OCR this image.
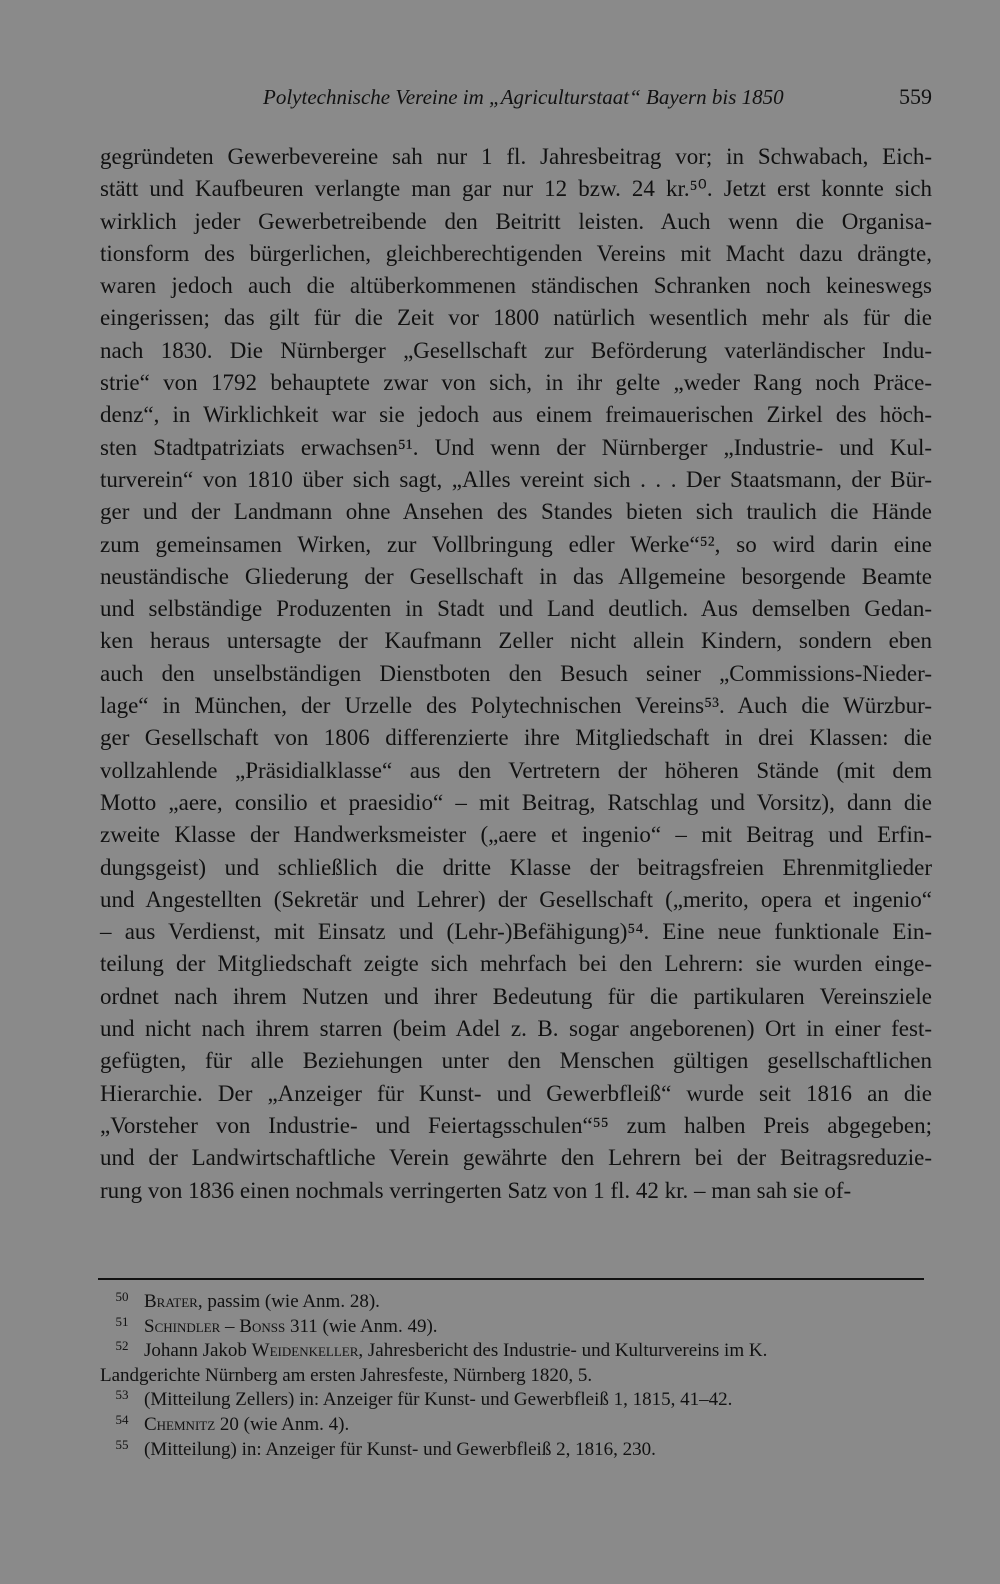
Polytechnische Vereine im „Agriculturstaat“ Bayern bis 1850	559
gegründeten Gewerbevereine sah nur 1 fl. Jahresbeitrag vor; in Schwabach, Eich-
stätt und Kaufbeuren verlangte man gar nur 12 bzw. 24 kr.⁵⁰. Jetzt erst konnte sich
wirklich jeder Gewerbetreibende den Beitritt leisten. Auch wenn die Organisa-
tionsform des bürgerlichen, gleichberechtigenden Vereins mit Macht dazu drängte,
waren jedoch auch die altüberkommenen ständischen Schranken noch keineswegs
eingerissen; das gilt für die Zeit vor 1800 natürlich wesentlich mehr als für die
nach 1830. Die Nürnberger „Gesellschaft zur Beförderung vaterländischer Indu-
strie“ von 1792 behauptete zwar von sich, in ihr gelte „weder Rang noch Präce-
denz“, in Wirklichkeit war sie jedoch aus einem freimauerischen Zirkel des höch-
sten Stadtpatriziats erwachsen⁵¹. Und wenn der Nürnberger „Industrie- und Kul-
turverein“ von 1810 über sich sagt, „Alles vereint sich . . . Der Staatsmann, der Bür-
ger und der Landmann ohne Ansehen des Standes bieten sich traulich die Hände
zum gemeinsamen Wirken, zur Vollbringung edler Werke“⁵², so wird darin eine
neuständische Gliederung der Gesellschaft in das Allgemeine besorgende Beamte
und selbständige Produzenten in Stadt und Land deutlich. Aus demselben Gedan-
ken heraus untersagte der Kaufmann Zeller nicht allein Kindern, sondern eben
auch den unselbständigen Dienstboten den Besuch seiner „Commissions-Nieder-
lage“ in München, der Urzelle des Polytechnischen Vereins⁵³. Auch die Würzbur-
ger Gesellschaft von 1806 differenzierte ihre Mitgliedschaft in drei Klassen: die
vollzahlende „Präsidialklasse“ aus den Vertretern der höheren Stände (mit dem
Motto „aere, consilio et praesidio“ – mit Beitrag, Ratschlag und Vorsitz), dann die
zweite Klasse der Handwerksmeister („aere et ingenio“ – mit Beitrag und Erfin-
dungsgeist) und schließlich die dritte Klasse der beitragsfreien Ehrenmitglieder
und Angestellten (Sekretär und Lehrer) der Gesellschaft („merito, opera et ingenio“
– aus Verdienst, mit Einsatz und (Lehr-)Befähigung)⁵⁴. Eine neue funktionale Ein-
teilung der Mitgliedschaft zeigte sich mehrfach bei den Lehrern: sie wurden einge-
ordnet nach ihrem Nutzen und ihrer Bedeutung für die partikularen Vereinsziele
und nicht nach ihrem starren (beim Adel z. B. sogar angeborenen) Ort in einer fest-
gefügten, für alle Beziehungen unter den Menschen gültigen gesellschaftlichen
Hierarchie. Der „Anzeiger für Kunst- und Gewerbfleiß“ wurde seit 1816 an die
„Vorsteher von Industrie- und Feiertagsschulen“⁵⁵ zum halben Preis abgegeben;
und der Landwirtschaftliche Verein gewährte den Lehrern bei der Beitragsreduzie-
rung von 1836 einen nochmals verringerten Satz von 1 fl. 42 kr. – man sah sie of-
50 Brater, passim (wie Anm. 28).
51 Schindler – Bonss 311 (wie Anm. 49).
52 Johann Jakob Weidenkeller, Jahresbericht des Industrie- und Kulturvereins im K.
Landgerichte Nürnberg am ersten Jahresfeste, Nürnberg 1820, 5.
53 (Mitteilung Zellers) in: Anzeiger für Kunst- und Gewerbfleiß 1, 1815, 41–42.
54 Chemnitz 20 (wie Anm. 4).
55 (Mitteilung) in: Anzeiger für Kunst- und Gewerbfleiß 2, 1816, 230.
